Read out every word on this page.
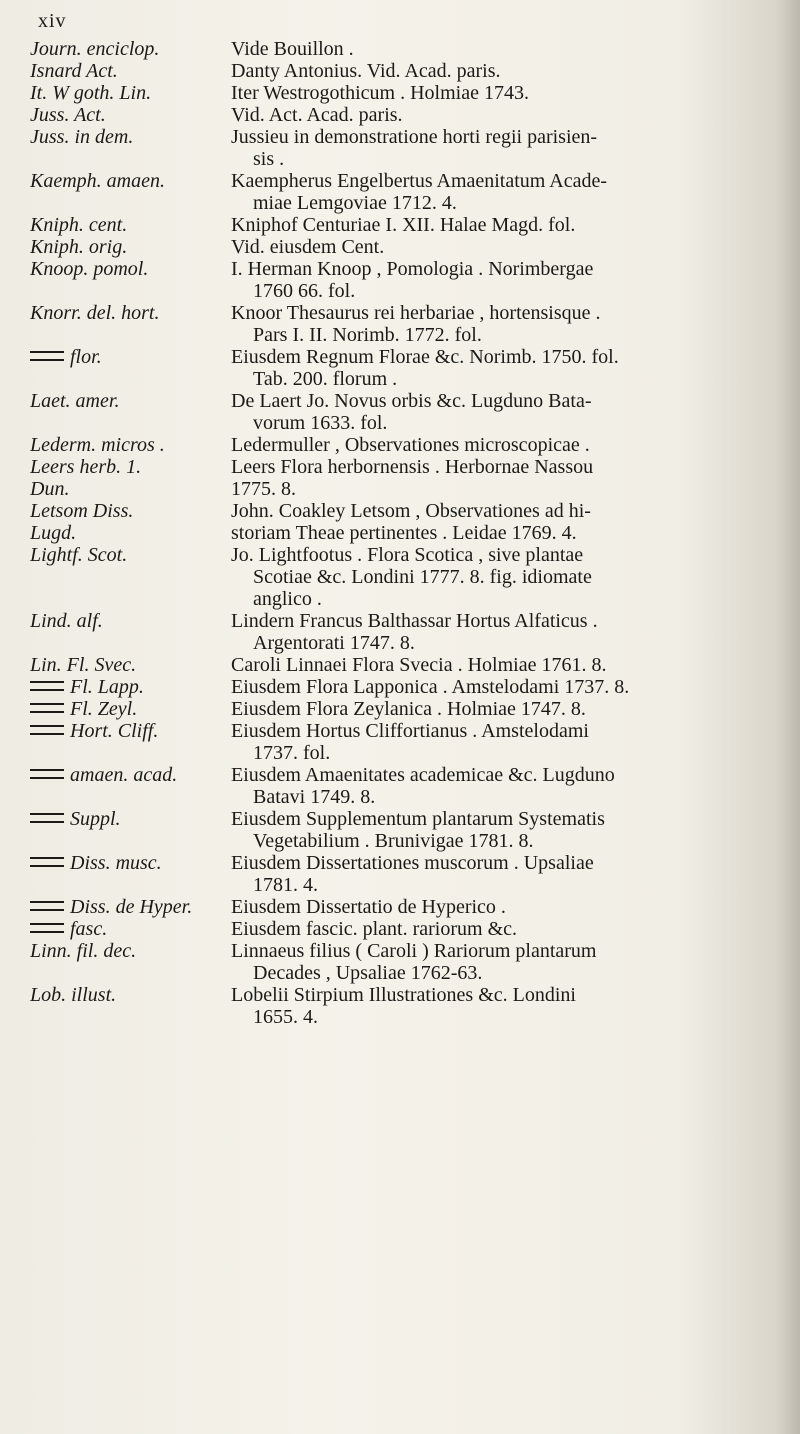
xiv
Journ. enciclop.	Vide Bouillon .
Isnard Act.	Danty Antonius. Vid. Acad. paris.
It. W goth. Lin.	Iter Westrogothicum . Holmiae 1743.
Juss. Act.	Vid. Act. Acad. paris.
Juss. in dem.	Jussieu in demonstratione horti regii parisien-
sis .
Kaemph. amaen.	Kaempherus Engelbertus Amaenitatum Acade-
miae Lemgoviae 1712. 4.
Kniph. cent.	Kniphof Centuriae I. XII. Halae Magd. fol.
Kniph. orig.	Vid. eiusdem Cent.
Knoop. pomol.	I. Herman Knoop , Pomologia . Norimbergae
1760 66. fol.
Knorr. del. hort.	Knoor Thesaurus rei herbariae , hortensisque .
Pars I. II. Norimb. 1772. fol.
flor.	Eiusdem Regnum Florae &c. Norimb. 1750. fol.
Tab. 200. florum .
Laet. amer.	De Laert Jo. Novus orbis &c. Lugduno Bata-
vorum 1633. fol.
Lederm. micros .	Ledermuller , Observationes microscopicae .
Leers herb. 1.	Leers Flora herbornensis . Herbornae Nassou
Dun.	1775. 8.
Letsom Diss.	John. Coakley Letsom , Observationes ad hi-
Lugd.	storiam Theae pertinentes . Leidae 1769. 4.
Lightf. Scot.	Jo. Lightfootus . Flora Scotica , sive plantae
Scotiae &c. Londini 1777. 8. fig. idiomate
anglico .
Lind. alf.	Lindern Francus Balthassar Hortus Alfaticus .
Argentorati 1747. 8.
Lin. Fl. Svec.	Caroli Linnaei Flora Svecia . Holmiae 1761. 8.
Fl. Lapp.	Eiusdem Flora Lapponica . Amstelodami 1737. 8.
Fl. Zeyl.	Eiusdem Flora Zeylanica . Holmiae 1747. 8.
Hort. Cliff.	Eiusdem Hortus Cliffortianus . Amstelodami
1737. fol.
amaen. acad.	Eiusdem Amaenitates academicae &c. Lugduno
Batavi 1749. 8.
Suppl.	Eiusdem Supplementum plantarum Systematis
Vegetabilium . Brunivigae 1781. 8.
Diss. musc.	Eiusdem Dissertationes muscorum . Upsaliae
1781. 4.
Diss. de Hyper.	Eiusdem Dissertatio de Hyperico .
fasc.	Eiusdem fascic. plant. rariorum &c.
Linn. fil. dec.	Linnaeus filius ( Caroli ) Rariorum plantarum
Decades , Upsaliae 1762-63.
Lob. illust.	Lobelii Stirpium Illustrationes &c. Londini
1655. 4.
